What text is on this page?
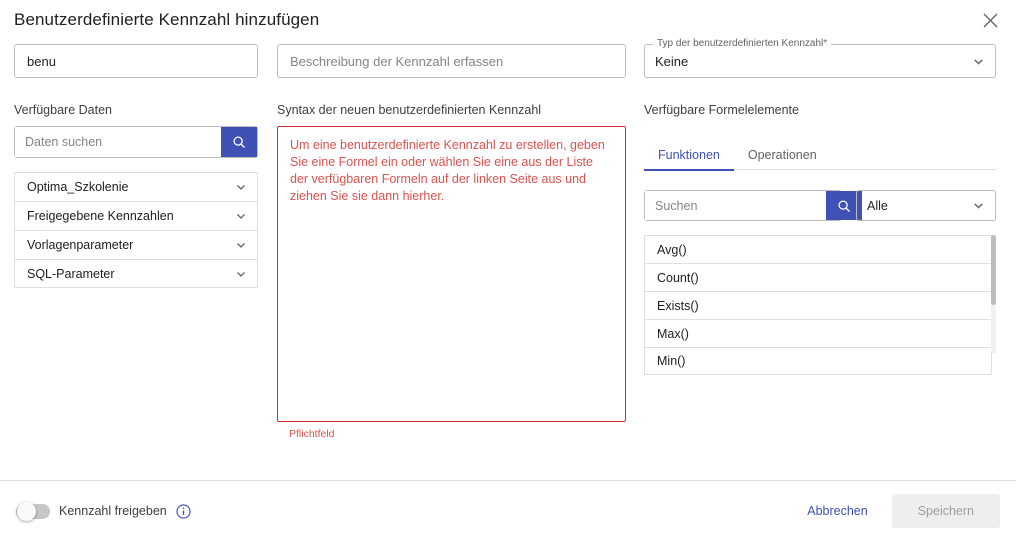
Benutzerdefinierte Kennzahl hinzufügen
benu
Verfügbare Daten
Daten suchen
Optima_Szkolenie
Freigegebene Kennzahlen
Vorlagenparameter
SQL-Parameter
Beschreibung der Kennzahl erfassen
Syntax der neuen benutzerdefinierten Kennzahl

Um eine benutzerdefinierte Kennzahl zu erstellen, geben Sie eine Formel ein oder wählen Sie eine aus der Liste der verfügbaren Formeln auf der linken Seite aus und ziehen Sie sie dann hierher.

Pflichtfeld
Typ der benutzerdefinierten Kennzahl*
Keine
Verfügbare Formelelemente
Funktionen Operationen
Suchen
Alle
Avg()
Count()
Exists()
Max()
Min()
Kennzahl freigeben	Abbrechen	Speichern
